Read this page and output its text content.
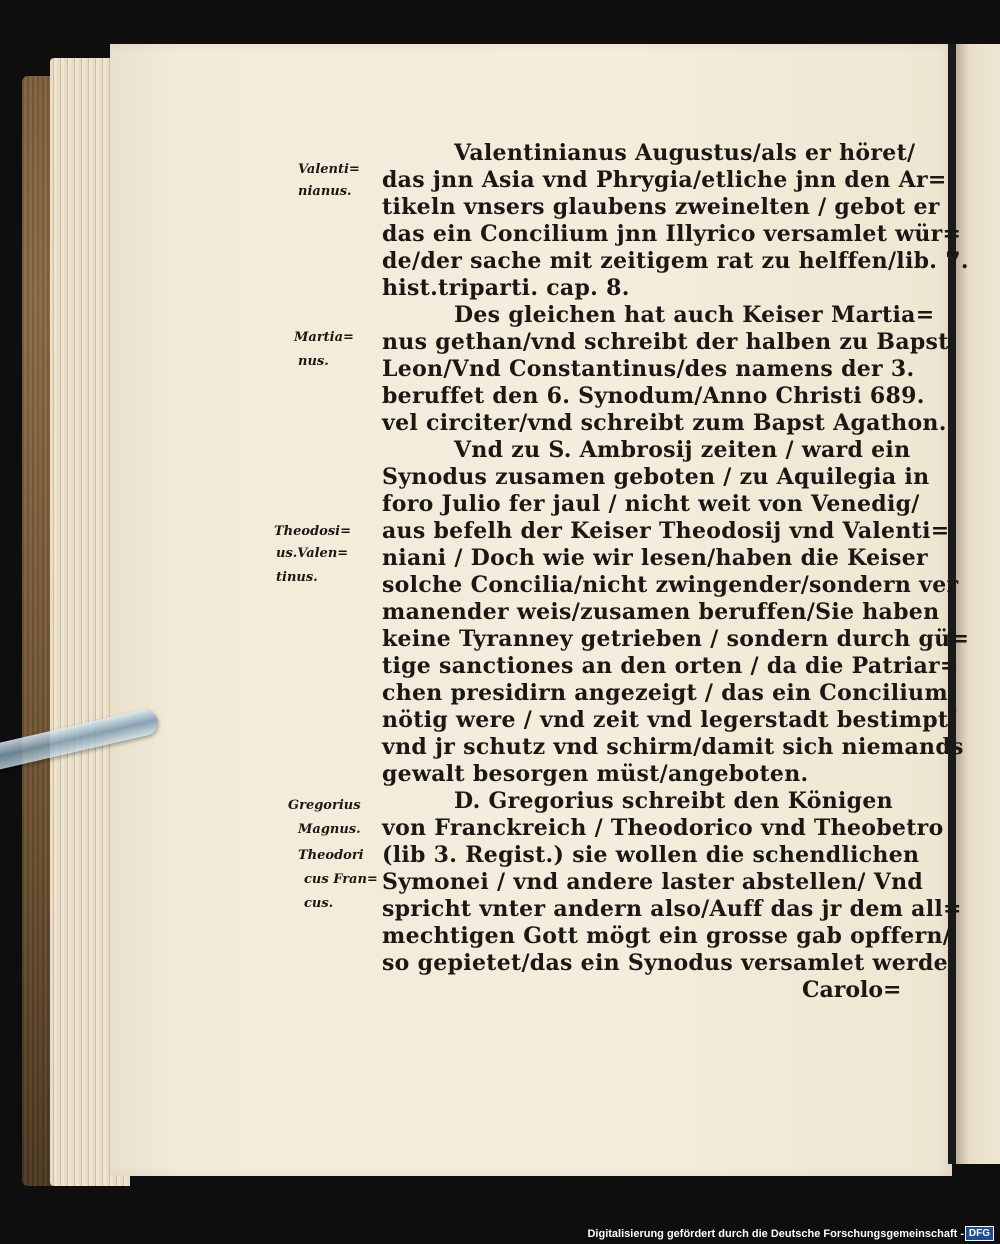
Valenti=
nianus.
Martia=
nus.
Theodosi=
us.Valen=
tinus.
Gregorius
Magnus.
Theodori
cus Fran=
cus.
Valentinianus Augustus/als er höret/
das jnn Asia vnd Phrygia/etliche jnn den Ar=
tikeln vnsers glaubens zweinelten / gebot er
das ein Concilium jnn Illyrico versamlet wür=
de/der sache mit zeitigem rat zu helffen/lib. 7.
hist.triparti. cap. 8.
Des gleichen hat auch Keiser Martia=
nus gethan/vnd schreibt der halben zu Bapst
Leon/Vnd Constantinus/des namens der 3.
beruffet den 6. Synodum/Anno Christi 689.
vel circiter/vnd schreibt zum Bapst Agathon.
Vnd zu S. Ambrosij zeiten / ward ein
Synodus zusamen geboten / zu Aquilegia in
foro Julio fer jaul / nicht weit von Venedig/
aus befelh der Keiser Theodosij vnd Valenti=
niani / Doch wie wir lesen/haben die Keiser
solche Concilia/nicht zwingender/sondern ver
manender weis/zusamen beruffen/Sie haben
keine Tyranney getrieben / sondern durch gü=
tige sanctiones an den orten / da die Patriar=
chen presidirn angezeigt / das ein Concilium
nötig were / vnd zeit vnd legerstadt bestimpt/
vnd jr schutz vnd schirm/damit sich niemands
gewalt besorgen müst/angeboten.
D. Gregorius schreibt den Königen
von Franckreich / Theodorico vnd Theobetro
(lib 3. Regist.) sie wollen die schendlichen
Symonei / vnd andere laster abstellen/ Vnd
spricht vnter andern also/Auff das jr dem all=
mechtigen Gott mögt ein grosse gab opffern/
so gepietet/das ein Synodus versamlet werde.
Carolo=
Digitalisierung gefördert durch die Deutsche Forschungsgemeinschaft - DFG
